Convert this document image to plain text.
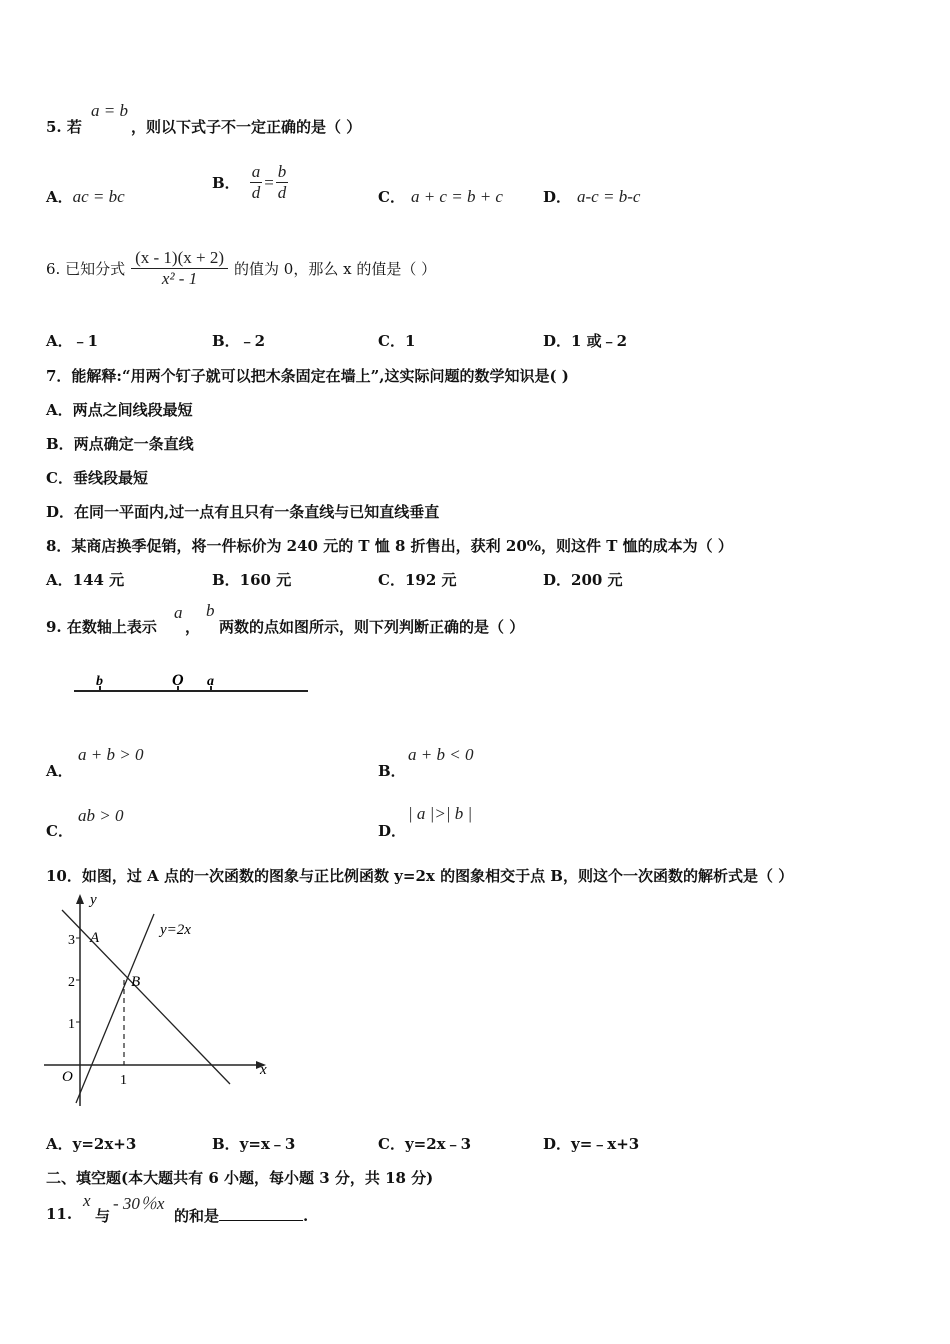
5. 若
a = b
，则以下式子不一定正确的是（ ）
A．ac = bc
B． $\frac{a}{d} = \frac{b}{d}$	C． a + c = b + c	D． a-c = b-c
6. 已知分式 $\frac{(x - 1)(x + 2)}{\text{x² - 1}}$ 的值为 0，那么 x 的值是（ ）
A．﹣1	B．﹣2	C．1	D．1 或﹣2
7．能解释:“用两个钉子就可以把木条固定在墙上”,这实际问题的数学知识是( )
A．两点之间线段最短
B．两点确定一条直线
C．垂线段最短
D．在同一平面内,过一点有且只有一条直线与已知直线垂直
8．某商店换季促销，将一件标价为 240 元的 T 恤 8 折售出，获利 20%，则这件 T 恤的成本为（ ）
A．144 元	B．160 元	C．192 元	D．200 元
9. 在数轴上表示
a
，
b
两数的点如图所示，则下列判断正确的是（ ）
b	O a
A．
a + b > 0
B．
a + b < 0
C．
ab > 0
D．
| a |>| b |
10．如图，过 A 点的一次函数的图象与正比例函数 y=2x 的图象相交于点 B，则这个一次函数的解析式是（ ）
y
x
O
3
2
1
1
A
B
y=2x
A．y=2x+3	B．y=x﹣3	C．y=2x﹣3	D．y=﹣x+3
二、填空题(本大题共有 6 小题，每小题 3 分，共 18 分)
11.
x
与
- 30％x
的和是	.
